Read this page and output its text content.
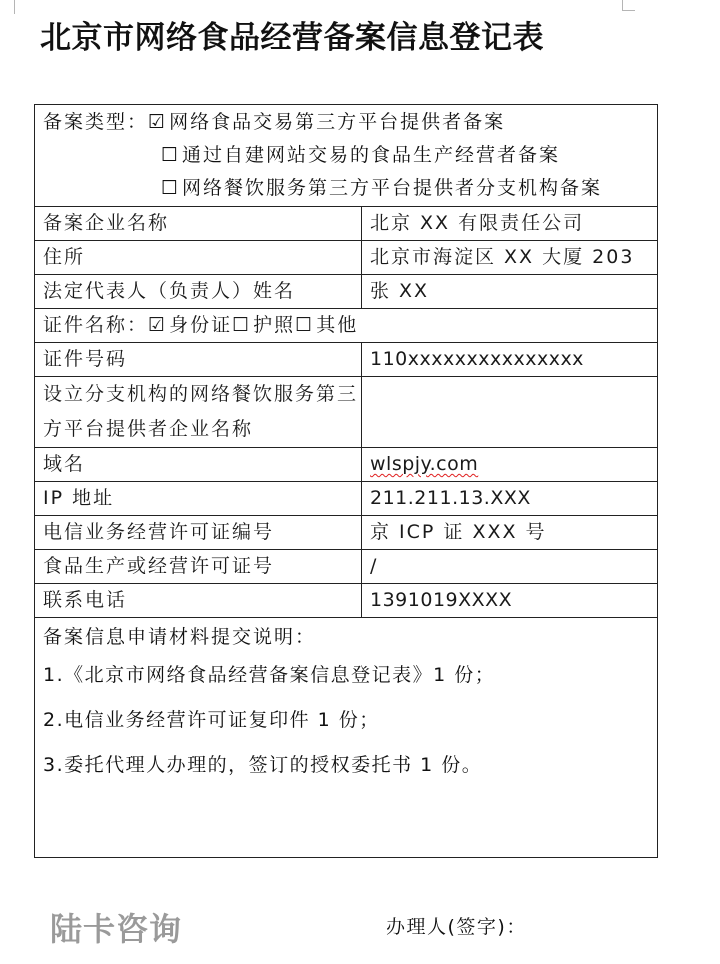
北京市网络食品经营备案信息登记表
备案类型：☑ 网络食品交易第三方平台提供者备案
☐ 通过自建网站交易的食品生产经营者备案
☐ 网络餐饮服务第三方平台提供者分支机构备案
备案企业名称	北京 XX 有限责任公司
住所	北京市海淀区 XX 大厦 203
法定代表人（负责人）姓名	张 XX
证件名称：☑ 身份证☐ 护照☐ 其他
证件号码	110xxxxxxxxxxxxxxx
设立分支机构的网络餐饮服务第三方平台提供者企业名称
域名	wlspjy.com
IP 地址	211.211.13.XXX
电信业务经营许可证编号	京 ICP 证 XXX 号
食品生产或经营许可证号	/
联系电话	1391019XXXX
备案信息申请材料提交说明：
1.《北京市网络食品经营备案信息登记表》1 份；
2.电信业务经营许可证复印件 1 份；
3.委托代理人办理的，签订的授权委托书 1 份。
陆卡咨询	办理人(签字)：
